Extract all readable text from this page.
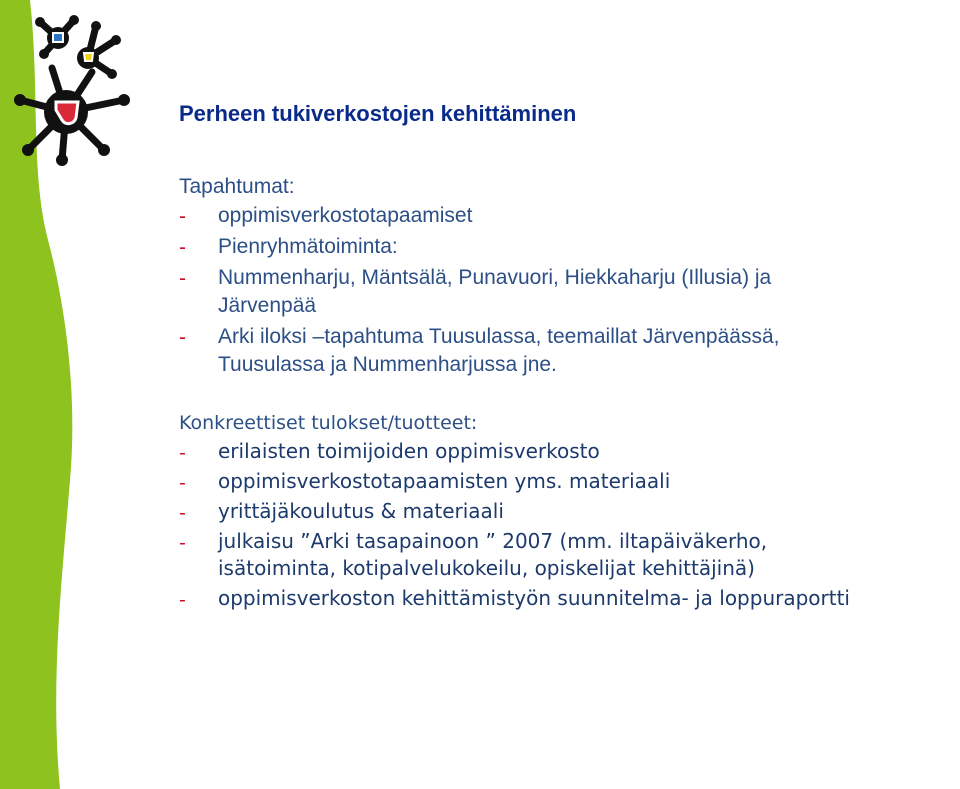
Perheen tukiverkostojen kehittäminen
Tapahtumat:
- oppimisverkostotapaamiset
- Pienryhmätoiminta:
- Nummenharju, Mäntsälä, Punavuori, Hiekkaharju (Illusia) ja
Järvenpää
- Arki iloksi –tapahtuma Tuusulassa, teemaillat Järvenpäässä,
Tuusulassa ja Nummenharjussa jne.
Konkreettiset tulokset/tuotteet:
- erilaisten toimijoiden oppimisverkosto
- oppimisverkostotapaamisten yms. materiaali
- yrittäjäkoulutus & materiaali
- julkaisu ”Arki tasapainoon ” 2007 (mm. iltapäiväkerho,
isätoiminta, kotipalvelukokeilu, opiskelijat kehittäjinä)
- oppimisverkoston kehittämistyön suunnitelma- ja loppuraportti
